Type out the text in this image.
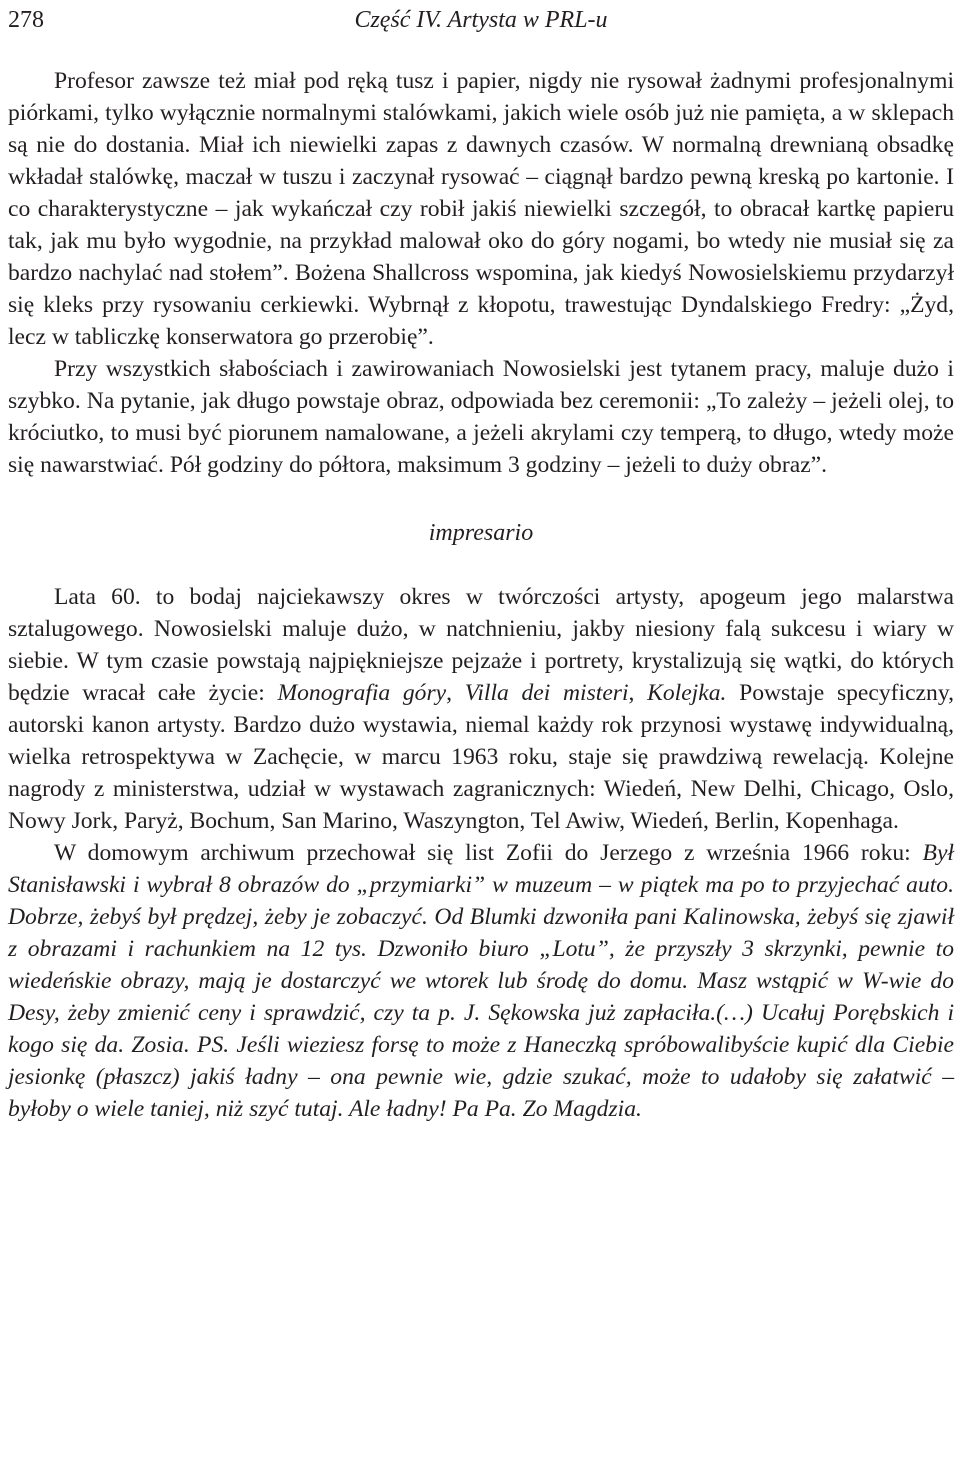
278	Część IV. Artysta w PRL-u

Profesor zawsze też miał pod ręką tusz i papier, nigdy nie rysował żadnymi profesjonalnymi piórkami, tylko wyłącznie normalnymi stalówkami, jakich wiele osób już nie pamięta, a w sklepach są nie do dostania. Miał ich niewielki zapas z dawnych czasów. W normalną drewnianą obsadkę wkładał stalówkę, maczał w tuszu i zaczynał rysować – ciągnął bardzo pewną kreską po kartonie. I co charakterystyczne – jak wykańczał czy robił jakiś niewielki szczegół, to obracał kartkę papieru tak, jak mu było wygodnie, na przykład malował oko do góry nogami, bo wtedy nie musiał się za bardzo nachylać nad stołem”. Bożena Shallcross wspomina, jak kiedyś Nowosielskiemu przydarzył się kleks przy rysowaniu cerkiewki. Wybrnął z kłopotu, trawestując Dyndalskiego Fredry: „Żyd, lecz w tabliczkę konserwatora go przerobię”.

Przy wszystkich słabościach i zawirowaniach Nowosielski jest tytanem pracy, maluje dużo i szybko. Na pytanie, jak długo powstaje obraz, odpowiada bez ceremonii: „To zależy – jeżeli olej, to króciutko, to musi być piorunem namalowane, a jeżeli akrylami czy temperą, to długo, wtedy może się nawarstwiać. Pół godziny do półtora, maksimum 3 godziny – jeżeli to duży obraz”.

impresario

Lata 60. to bodaj najciekawszy okres w twórczości artysty, apogeum jego malarstwa sztalugowego. Nowosielski maluje dużo, w natchnieniu, jakby niesiony falą sukcesu i wiary w siebie. W tym czasie powstają najpiękniejsze pejzaże i portrety, krystalizują się wątki, do których będzie wracał całe życie: Monografia góry, Villa dei misteri, Kolejka. Powstaje specyficzny, autorski kanon artysty. Bardzo dużo wystawia, niemal każdy rok przynosi wystawę indywidualną, wielka retrospektywa w Zachęcie, w marcu 1963 roku, staje się prawdziwą rewelacją. Kolejne nagrody z ministerstwa, udział w wystawach zagranicznych: Wiedeń, New Delhi, Chicago, Oslo, Nowy Jork, Paryż, Bochum, San Marino, Waszyngton, Tel Awiw, Wiedeń, Berlin, Kopenhaga.

W domowym archiwum przechował się list Zofii do Jerzego z września 1966 roku: Był Stanisławski i wybrał 8 obrazów do „przymiarki” w muzeum – w piątek ma po to przyjechać auto. Dobrze, żebyś był prędzej, żeby je zobaczyć. Od Blumki dzwoniła pani Kalinowska, żebyś się zjawił z obrazami i rachunkiem na 12 tys. Dzwoniło biuro „Lotu”, że przyszły 3 skrzynki, pewnie to wiedeńskie obrazy, mają je dostarczyć we wtorek lub środę do domu. Masz wstąpić w W-wie do Desy, żeby zmienić ceny i sprawdzić, czy ta p. J. Sękowska już zapłaciła.(…) Ucałuj Porębskich i kogo się da. Zosia. PS. Jeśli wieziesz forsę to może z Haneczką spróbowalibyście kupić dla Ciebie jesionkę (płaszcz) jakiś ładny – ona pewnie wie, gdzie szukać, może to udałoby się załatwić – byłoby o wiele taniej, niż szyć tutaj. Ale ładny! Pa Pa. Zo Magdzia.
